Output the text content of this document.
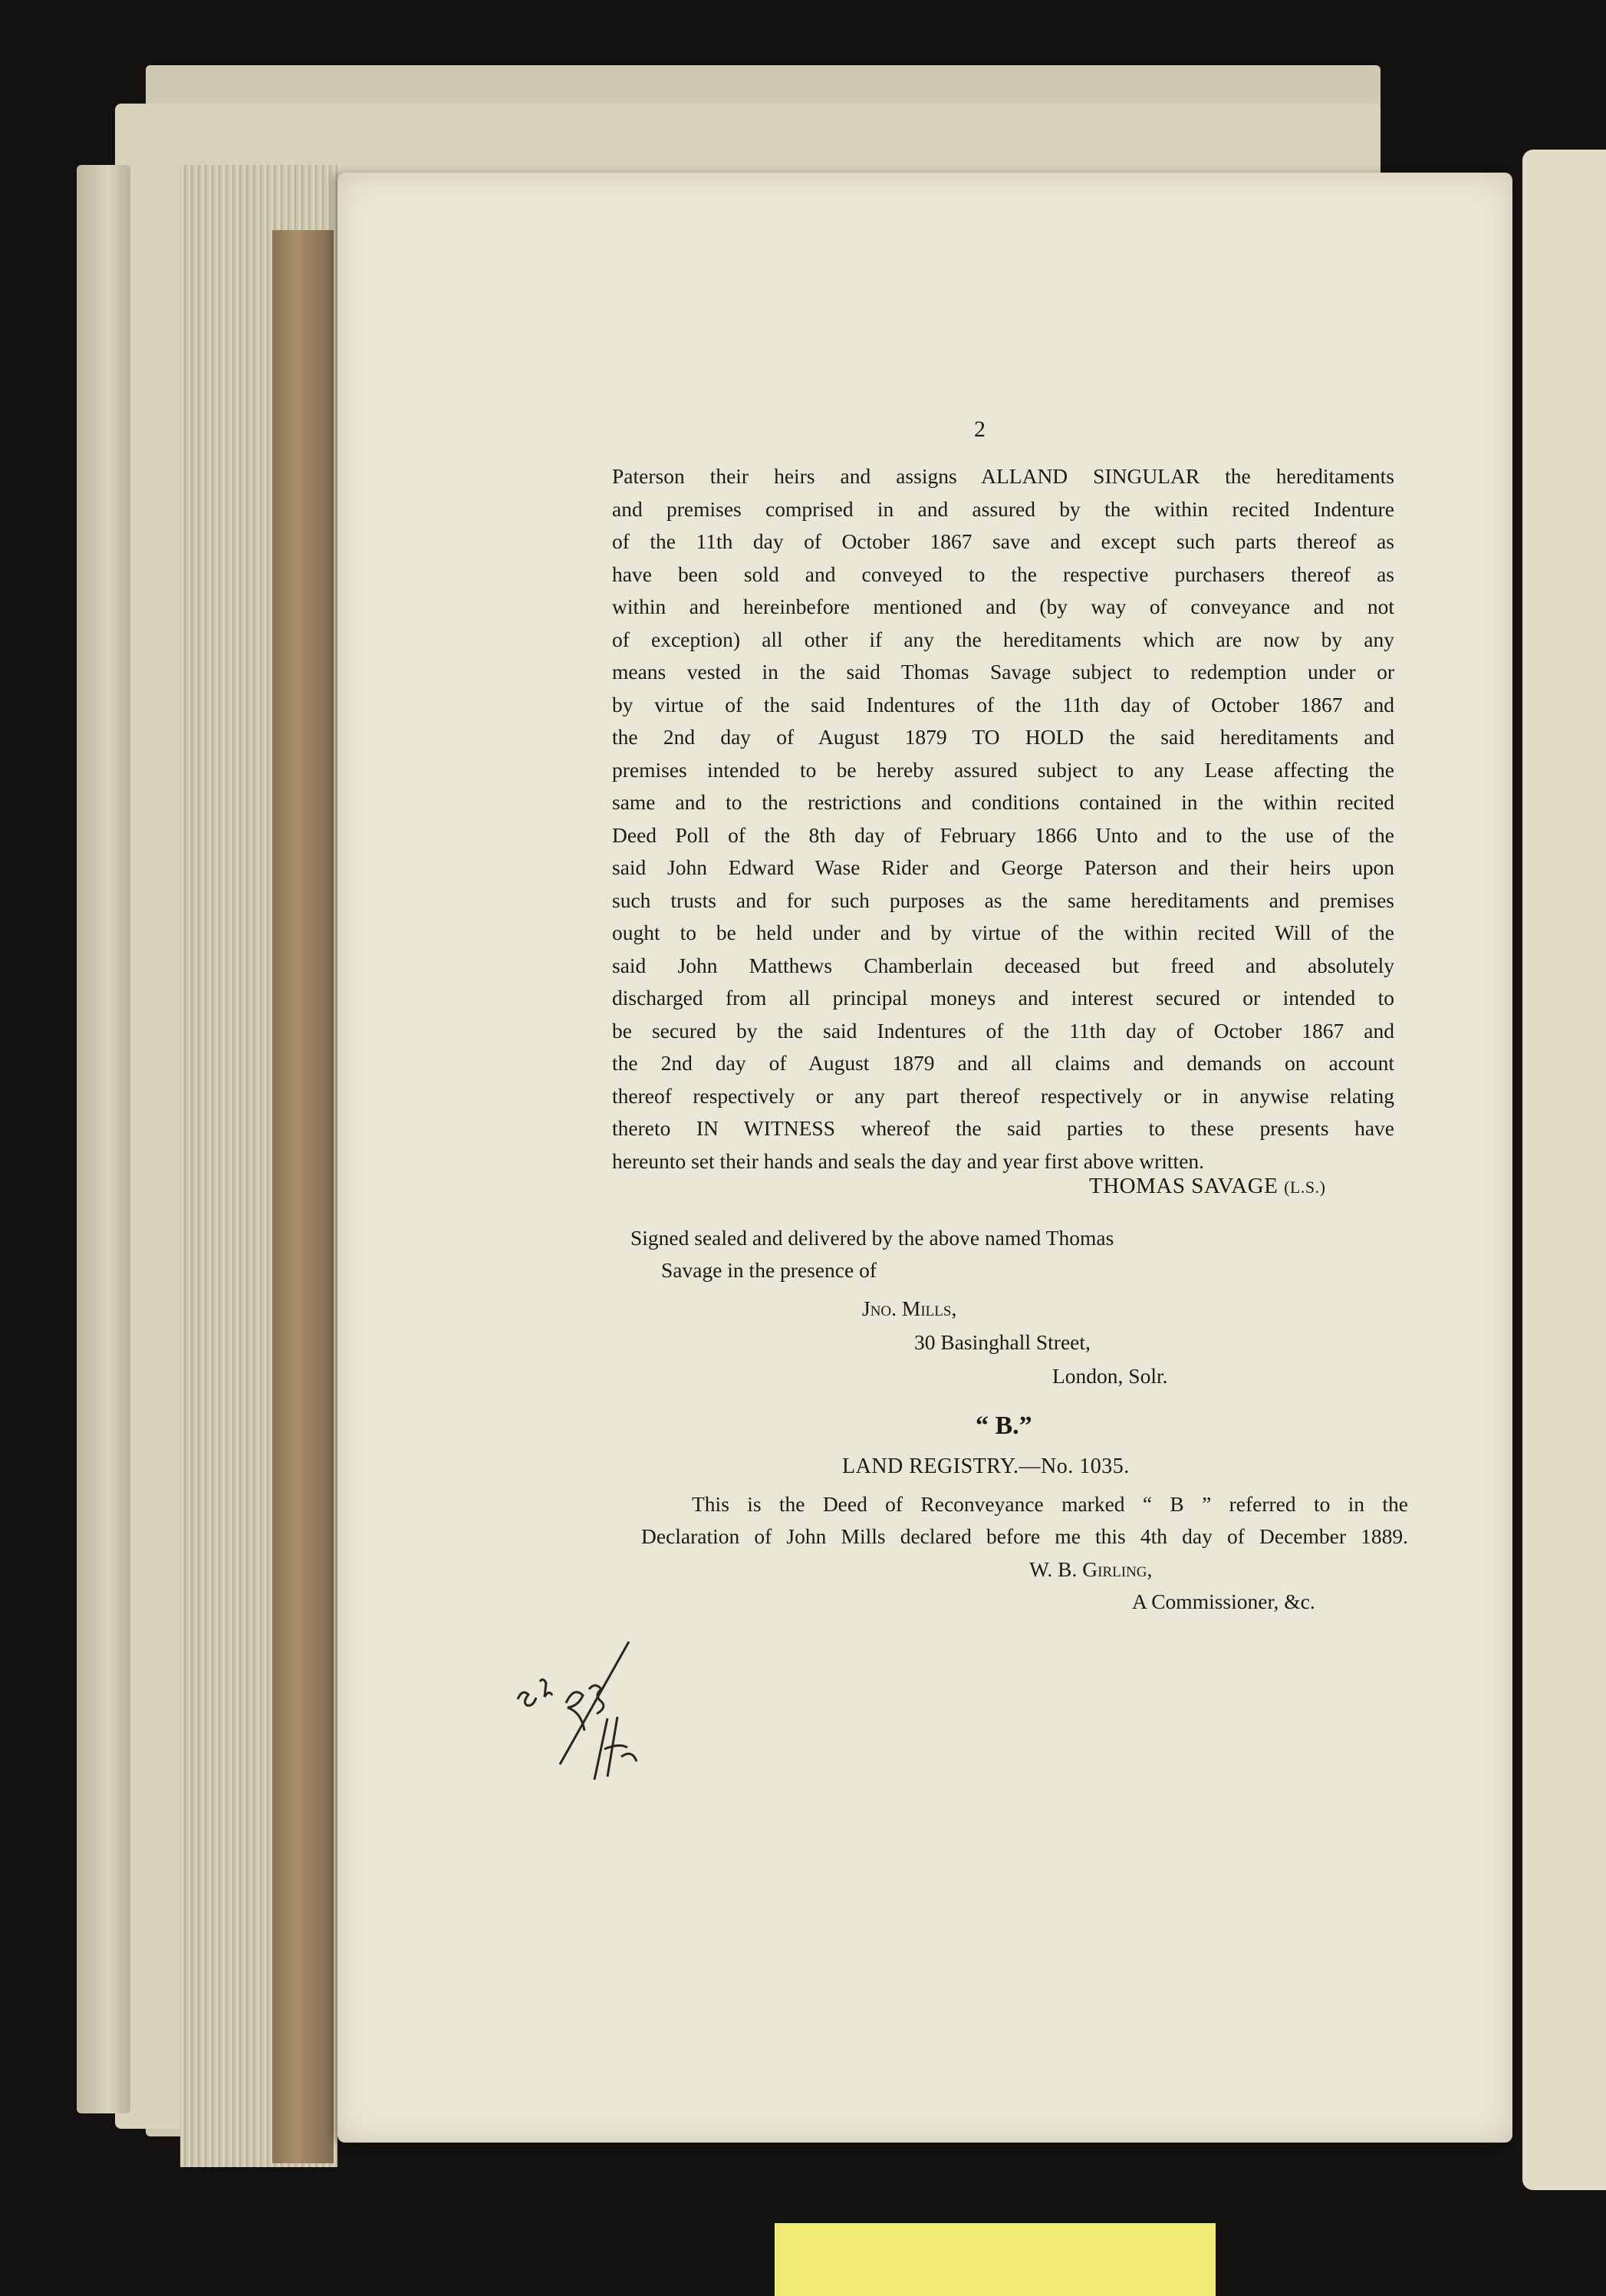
2
Paterson their heirs and assigns ALLAND SINGULAR the hereditaments
and premises comprised in and assured by the within recited Indenture
of the 11th day of October 1867 save and except such parts thereof as
have been sold and conveyed to the respective purchasers thereof as
within and hereinbefore mentioned and (by way of conveyance and not
of exception) all other if any the hereditaments which are now by any
means vested in the said Thomas Savage subject to redemption under or
by virtue of the said Indentures of the 11th day of October 1867 and
the 2nd day of August 1879 TO HOLD the said hereditaments and
premises intended to be hereby assured subject to any Lease affecting the
same and to the restrictions and conditions contained in the within recited
Deed Poll of the 8th day of February 1866 Unto and to the use of the
said John Edward Wase Rider and George Paterson and their heirs upon
such trusts and for such purposes as the same hereditaments and premises
ought to be held under and by virtue of the within recited Will of the
said John Matthews Chamberlain deceased but freed and absolutely
discharged from all principal moneys and interest secured or intended to
be secured by the said Indentures of the 11th day of October 1867 and
the 2nd day of August 1879 and all claims and demands on account
thereof respectively or any part thereof respectively or in anywise relating
thereto IN WITNESS whereof the said parties to these presents have
hereunto set their hands and seals the day and year first above written.
THOMAS SAVAGE (L.S.)
Signed sealed and delivered by the above named Thomas
Savage in the presence of
Jno. Mills,
30 Basinghall Street,
London, Solr.
“ B.”
LAND REGISTRY.—No. 1035.
This is the Deed of Reconveyance marked “ B ” referred to in the
Declaration of John Mills declared before me this 4th day of December 1889.
W. B. Girling,
A Commissioner, &c.
